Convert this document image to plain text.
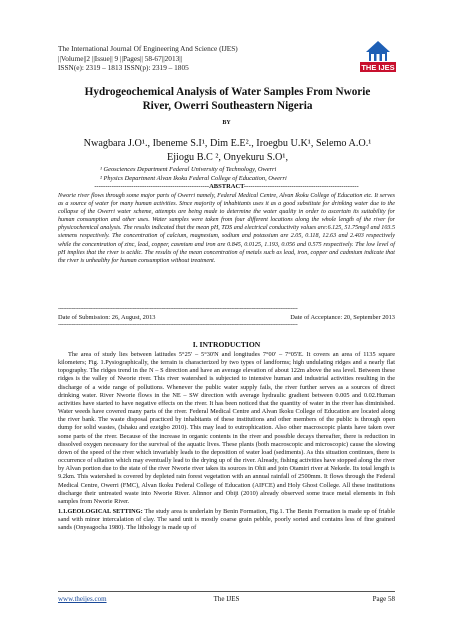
The International Journal Of Engineering And Science (IJES)
||Volume||2 ||Issue|| 9 ||Pages|| 58-67||2013||
ISSN(e): 2319 – 1813 ISSN(p): 2319 – 1805	THE IJES
Hydrogeochemical Analysis of Water Samples From Nworie
River, Owerri Southeastern Nigeria
BY
Nwagbara J.O¹., Ibeneme S.I¹, Dim E.E²., Iroegbu U.K¹, Selemo A.O.¹
Ejiogu B.C ², Onyekuru S.O¹,
¹ Geosciences Department Federal University of Technology, Owerri
² Physics Department Alvan Ikoku Federal College of Education, Owerri
-----------------------------------------------------ABSTRACT-----------------------------------------------------

Nworie river flows through some major parts of Owerri namely, Federal Medical Centre, Alvan Ikoku College of Education etc. It serves as a source of water for many human activities. Since majority of inhabitants uses it as a good substitute for drinking water due to the collapse of the Owerri water scheme, attempts are being made to determine the water quality in order to ascertain its suitability for human consumption and other uses. Water samples were taken from four different locations along the whole length of the river for physicochemical analysis. The results indicated that the mean pH, TDS and electrical conductivity values are:6.125, 51.75mg/l and 103.5 siemens respectively. The concentration of calcium, magnesium, sodium and potassium are 2.05, 0.118, 12.63 and 2.403 respectively while the concentration of zinc, lead, copper, casmium and iron are 0.845, 0.0125, 1.193, 0.056 and 0.575 respectively. The low level of pH implies that the river is acidic. The results of the mean concentration of metals such as lead, iron, copper and cadmium indicate that the river is unhealthy for human consumption without treatment.

---------------------------------------------------------------------------------------------------------------------------------------------
Date of Submission: 26, August, 2013	Date of Acceptance: 20, September 2013
---------------------------------------------------------------------------------------------------------------------------------------------
I. INTRODUCTION

The area of study lies between latitudes 5°25' – 5°30'N and longitudes 7°00' – 7°05'E. It covers an area of 1135 square kilometers; Fig. 1.Pysiographically, the terrain is characterized by two types of landforms; high undulating ridges and a nearly flat topography. The ridges trend in the N – S direction and have an average elevation of about 122m above the sea level. Between these ridges is the valley of Nworie river. This river watershed is subjected to intensive human and industrial activities resulting in the discharge of a wide range of pollutions. Whenever the public water supply fails, the river further serves as a sources of direct drinking water. River Nworie flows in the NE – SW direction with average hydraulic gradient between 0.005 and 0.02.Human activities have started to have negative effects on the river. It has been noticed that the quantity of water in the river has diminished. Water weeds have covered many parts of the river. Federal Medical Centre and Alvan Ikoku College of Education are located along the river bank. The waste disposal practiced by inhabitants of these institutions and other members of the public is through open dump for solid wastes, (Ishaku and ezeigbo 2010). This may lead to eutrophication. Also other macroscopic plants have taken over some parts of the river. Because of the increase in organic contents in the river and possible decays thereafter, there is reduction in dissolved oxygen necessary for the survival of the aquatic lives. These plants (both macroscopic and microscopic) cause the slowing down of the speed of the river which invariably leads to the deposition of water load (sediments). As this situation continues, there is occurrence of siltation which may eventually lead to the drying up of the river. Already, fishing activities have stopped along the river by Alvan portion due to the state of the river Nworie river takes its sources in Ohii and join Otamiri river at Nekede. Its total length is 9.2km. This watershed is covered by depleted rain forest vegetation with an annual rainfall of 2500mm. It flows through the Federal Medical Centre, Owerri (FMC), Alvan Ikoku Federal College of Education (AIFCE) and Holy Ghost College. All these institutions discharge their untreated waste into Nworie River. Alinnor and Obiji (2010) already observed some trace metal elements in fish samples from Nworie River.

1.1.GEOLOGICAL SETTING: The study area is underlain by Benin Formation, Fig.1. The Benin Formation is made up of friable sand with minor intercalation of clay. The sand unit is mostly coarse grain pebble, poorly sorted and contains less of fine grained sands (Onyeagocha 1980). The lithology is made up of

www.theijes.com	The IJES	Page 58
